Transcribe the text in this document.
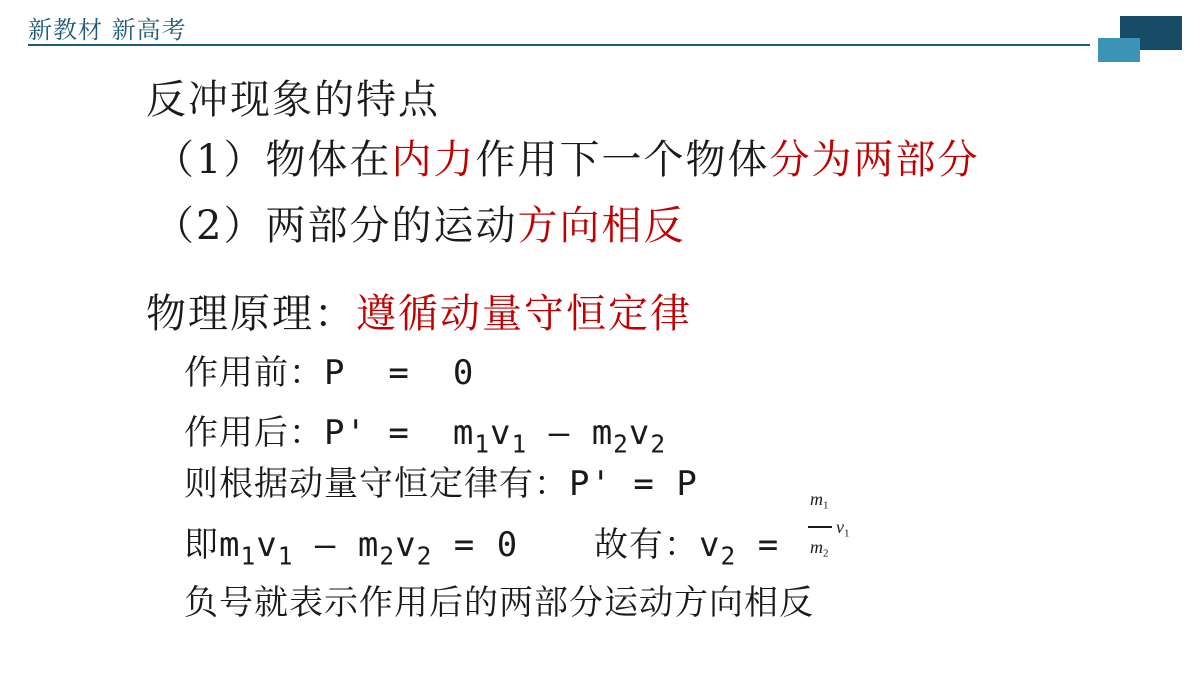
新教材 新高考
反冲现象的特点
（1）物体在内力作用下一个物体分为两部分
（2）两部分的运动方向相反
物理原理：遵循动量守恒定律
作用前：P  =  0
作用后：$P' = m_1v_1 - m_2v_2$
则根据动量守恒定律有：P' = P
即$m_1v_1 - m_2v_2 = 0$ 故有：$v_2$ =
$m_1$
$m_2$
$v_1$
负号就表示作用后的两部分运动方向相反
